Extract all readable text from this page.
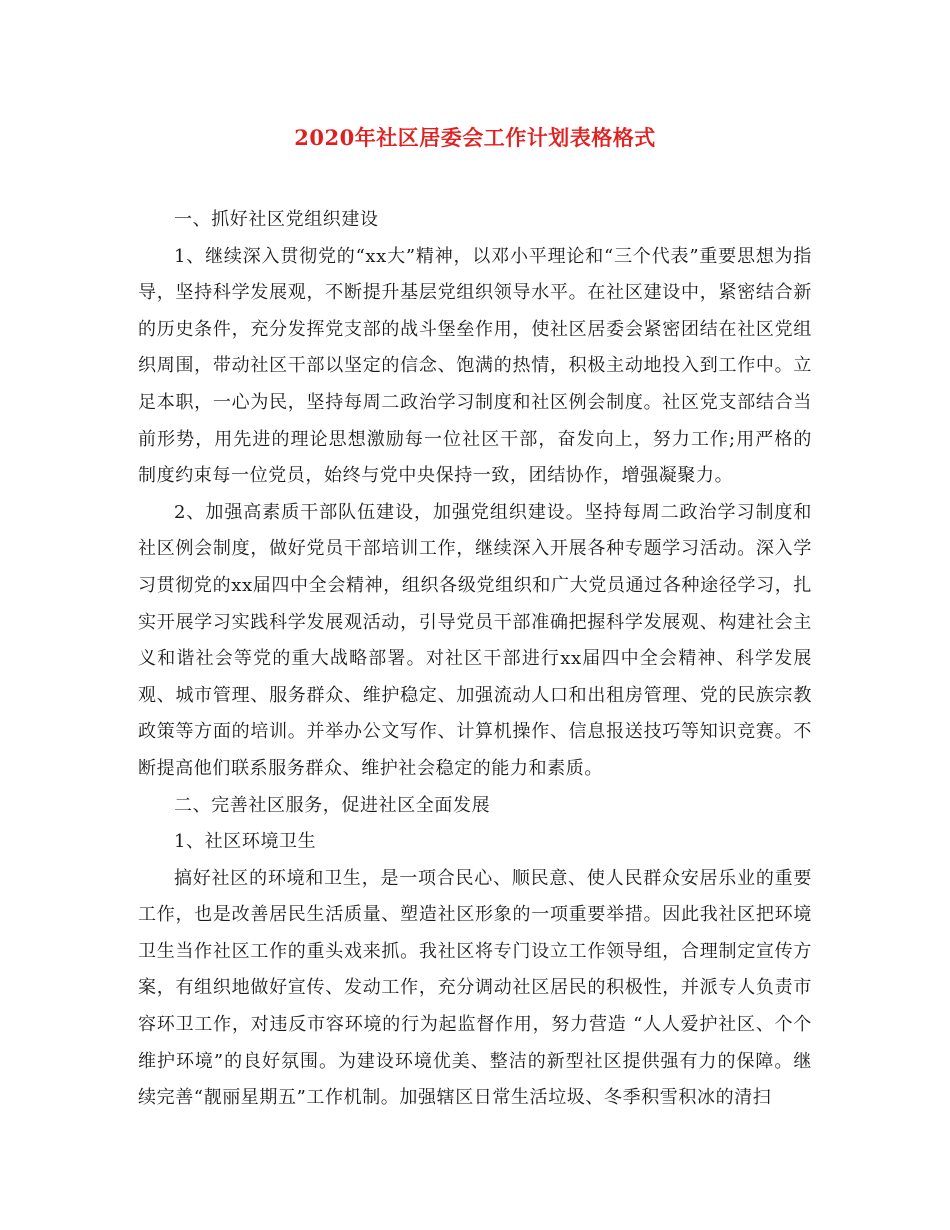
2020年社区居委会工作计划表格格式

一、抓好社区党组织建设

1、继续深入贯彻党的“xx大”精神，以邓小平理论和“三个代表”重要思想为指导，坚持科学发展观，不断提升基层党组织领导水平。在社区建设中，紧密结合新的历史条件，充分发挥党支部的战斗堡垒作用，使社区居委会紧密团结在社区党组织周围，带动社区干部以坚定的信念、饱满的热情，积极主动地投入到工作中。立足本职，一心为民，坚持每周二政治学习制度和社区例会制度。社区党支部结合当前形势，用先进的理论思想激励每一位社区干部，奋发向上，努力工作;用严格的制度约束每一位党员，始终与党中央保持一致，团结协作，增强凝聚力。

2、加强高素质干部队伍建设，加强党组织建设。坚持每周二政治学习制度和社区例会制度，做好党员干部培训工作，继续深入开展各种专题学习活动。深入学习贯彻党的xx届四中全会精神，组织各级党组织和广大党员通过各种途径学习，扎实开展学习实践科学发展观活动，引导党员干部准确把握科学发展观、构建社会主义和谐社会等党的重大战略部署。对社区干部进行xx届四中全会精神、科学发展观、城市管理、服务群众、维护稳定、加强流动人口和出租房管理、党的民族宗教政策等方面的培训。并举办公文写作、计算机操作、信息报送技巧等知识竞赛。不断提高他们联系服务群众、维护社会稳定的能力和素质。

二、完善社区服务，促进社区全面发展

1、社区环境卫生

搞好社区的环境和卫生，是一项合民心、顺民意、使人民群众安居乐业的重要工作，也是改善居民生活质量、塑造社区形象的一项重要举措。因此我社区把环境卫生当作社区工作的重头戏来抓。我社区将专门设立工作领导组，合理制定宣传方案，有组织地做好宣传、发动工作，充分调动社区居民的积极性，并派专人负责市容环卫工作，对违反市容环境的行为起监督作用，努力营造 “人人爱护社区、个个维护环境”的良好氛围。为建设环境优美、整洁的新型社区提供强有力的保障。继续完善“靓丽星期五”工作机制。加强辖区日常生活垃圾、冬季积雪积冰的清扫
